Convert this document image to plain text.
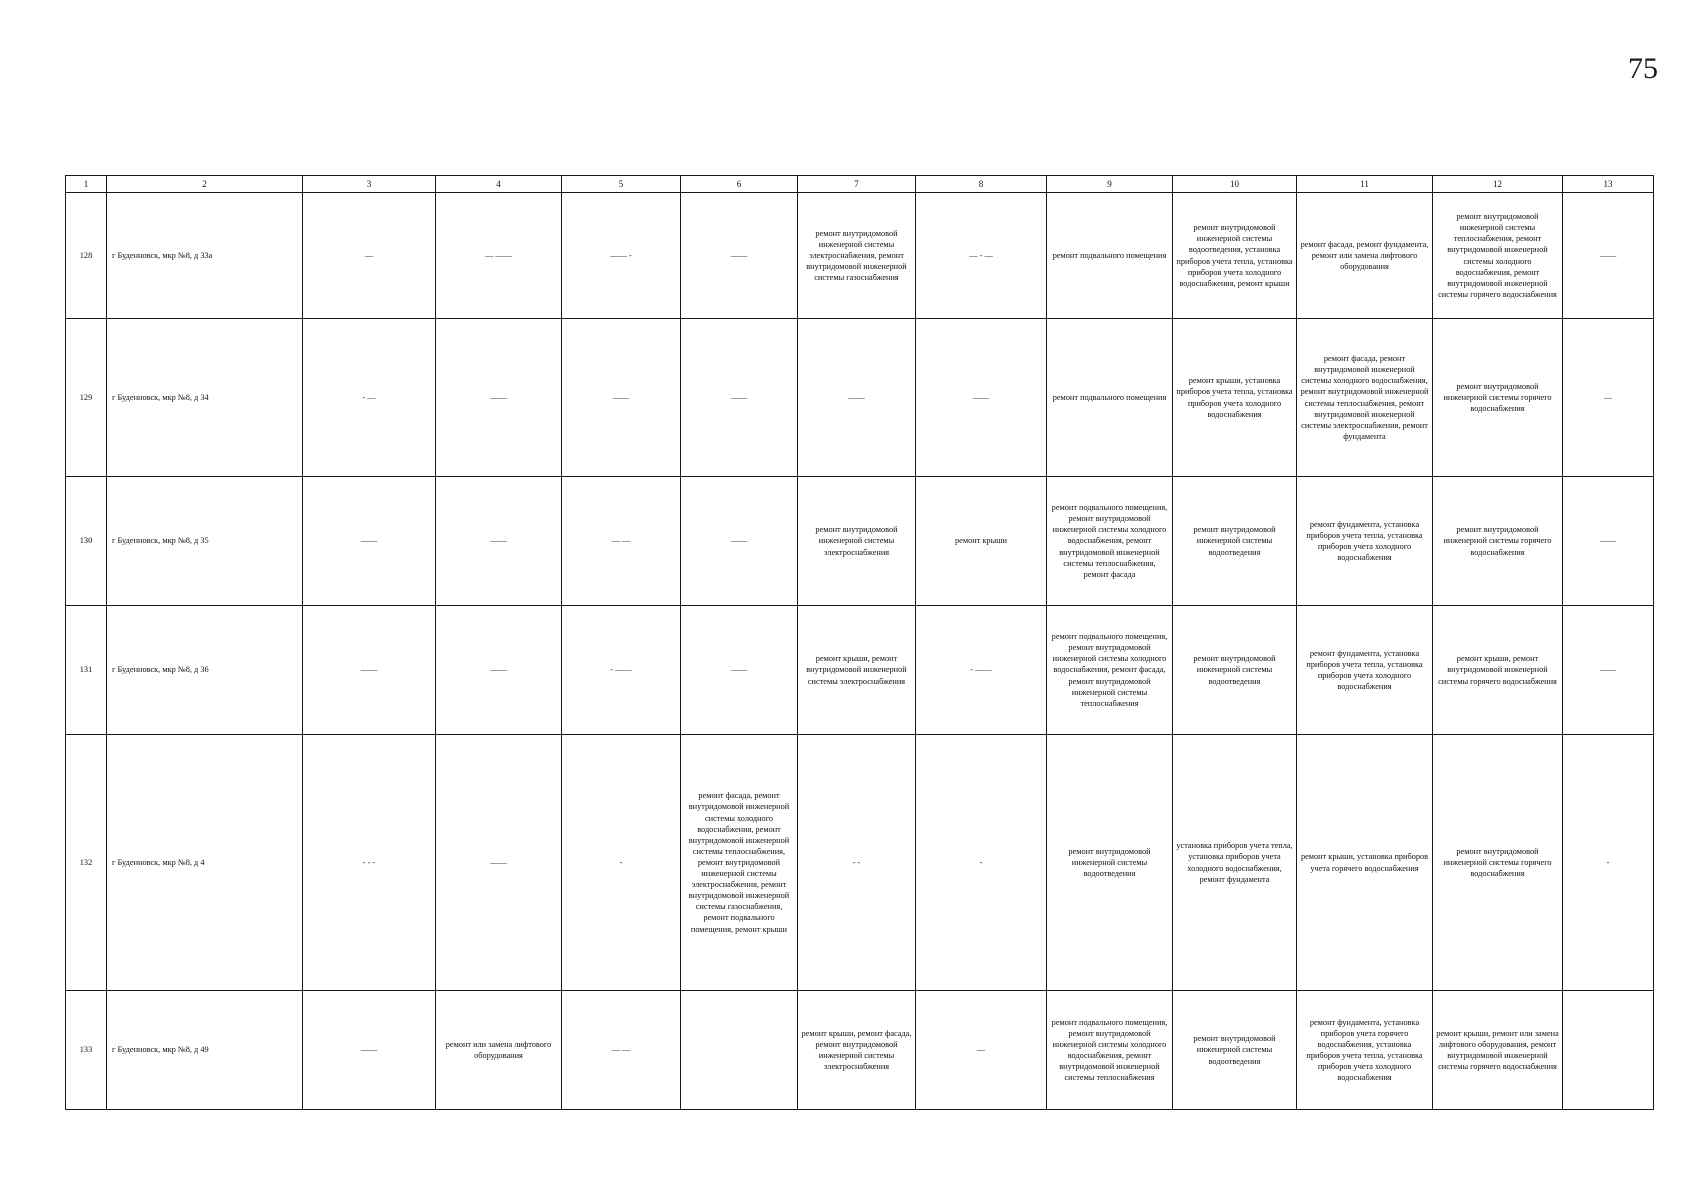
75
1	2	3	4	5	6	7	8	9	10	11	12	13
128	г Буденновск, мкр №8, д 33а	—	— ——	—— -	——	ремонт внутридомовой инженерной системы электроснабжения, ремонт внутридомовой инженерной системы газоснабжения	— - —	ремонт подвального помещения	ремонт внутридомовой инженерной системы водоотведения, установка приборов учета тепла, установка приборов учета холодного водоснабжения, ремонт крыши	ремонт фасада, ремонт фундамента, ремонт или замена лифтового оборудования	ремонт внутридомовой инженерной системы теплоснабжения, ремонт внутридомовой инженерной системы холодного водоснабжения, ремонт внутридомовой инженерной системы горячего водоснабжения	——
129	г Буденновск, мкр №8, д 34	- —	——	——	——	——	——	ремонт подвального помещения	ремонт крыши, установка приборов учета тепла, установка приборов учета холодного водоснабжения	ремонт фасада, ремонт внутридомовой инженерной системы холодного водоснабжения, ремонт внутридомовой инженерной системы теплоснабжения, ремонт внутридомовой инженерной системы электроснабжения, ремонт фундамента	ремонт внутридомовой инженерной системы горячего водоснабжения	—
130	г Буденновск, мкр №8, д 35	——	——	— —	——	ремонт внутридомовой инженерной системы электроснабжения	ремонт крыши	ремонт подвального помещения, ремонт внутридомовой инженерной системы холодного водоснабжения, ремонт внутридомовой инженерной системы теплоснабжения, ремонт фасада	ремонт внутридомовой инженерной системы водоотведения	ремонт фундамента, установка приборов учета тепла, установка приборов учета холодного водоснабжения	ремонт внутридомовой инженерной системы горячего водоснабжения	——
131	г Буденновск, мкр №8, д 36	——	——	- ——	——	ремонт крыши, ремонт внутридомовой инженерной системы электроснабжения	- ——	ремонт подвального помещения, ремонт внутридомовой инженерной системы холодного водоснабжения, ремонт фасада, ремонт внутридомовой инженерной системы теплоснабжения	ремонт внутридомовой инженерной системы водоотведения	ремонт фундамента, установка приборов учета тепла, установка приборов учета холодного водоснабжения	ремонт крыши, ремонт внутридомовой инженерной системы горячего водоснабжения	——
132	г Буденновск, мкр №8, д 4	- - -	——	-	ремонт фасада, ремонт внутридомовой инженерной системы холодного водоснабжения, ремонт внутридомовой инженерной системы теплоснабжения, ремонт внутридомовой инженерной системы электроснабжения, ремонт внутридомовой инженерной системы газоснабжения, ремонт подвального помещения, ремонт крыши	- -	-	ремонт внутридомовой инженерной системы водоотведения	установка приборов учета тепла, установка приборов учета холодного водоснабжения, ремонт фундамента	ремонт крыши, установка приборов учета горячего водоснабжения	ремонт внутридомовой инженерной системы горячего водоснабжения	-
133	г Буденновск, мкр №8, д 49	——	ремонт или замена лифтового оборудования	— —		ремонт крыши, ремонт фасада, ремонт внутридомовой инженерной системы электроснабжения	—	ремонт подвального помещения, ремонт внутридомовой инженерной системы холодного водоснабжения, ремонт внутридомовой инженерной системы теплоснабжения	ремонт внутридомовой инженерной системы водоотведения	ремонт фундамента, установка приборов учета горячего водоснабжения, установка приборов учета тепла, установка приборов учета холодного водоснабжения	ремонт крыши, ремонт или замена лифтового оборудования, ремонт внутридомовой инженерной системы горячего водоснабжения	
